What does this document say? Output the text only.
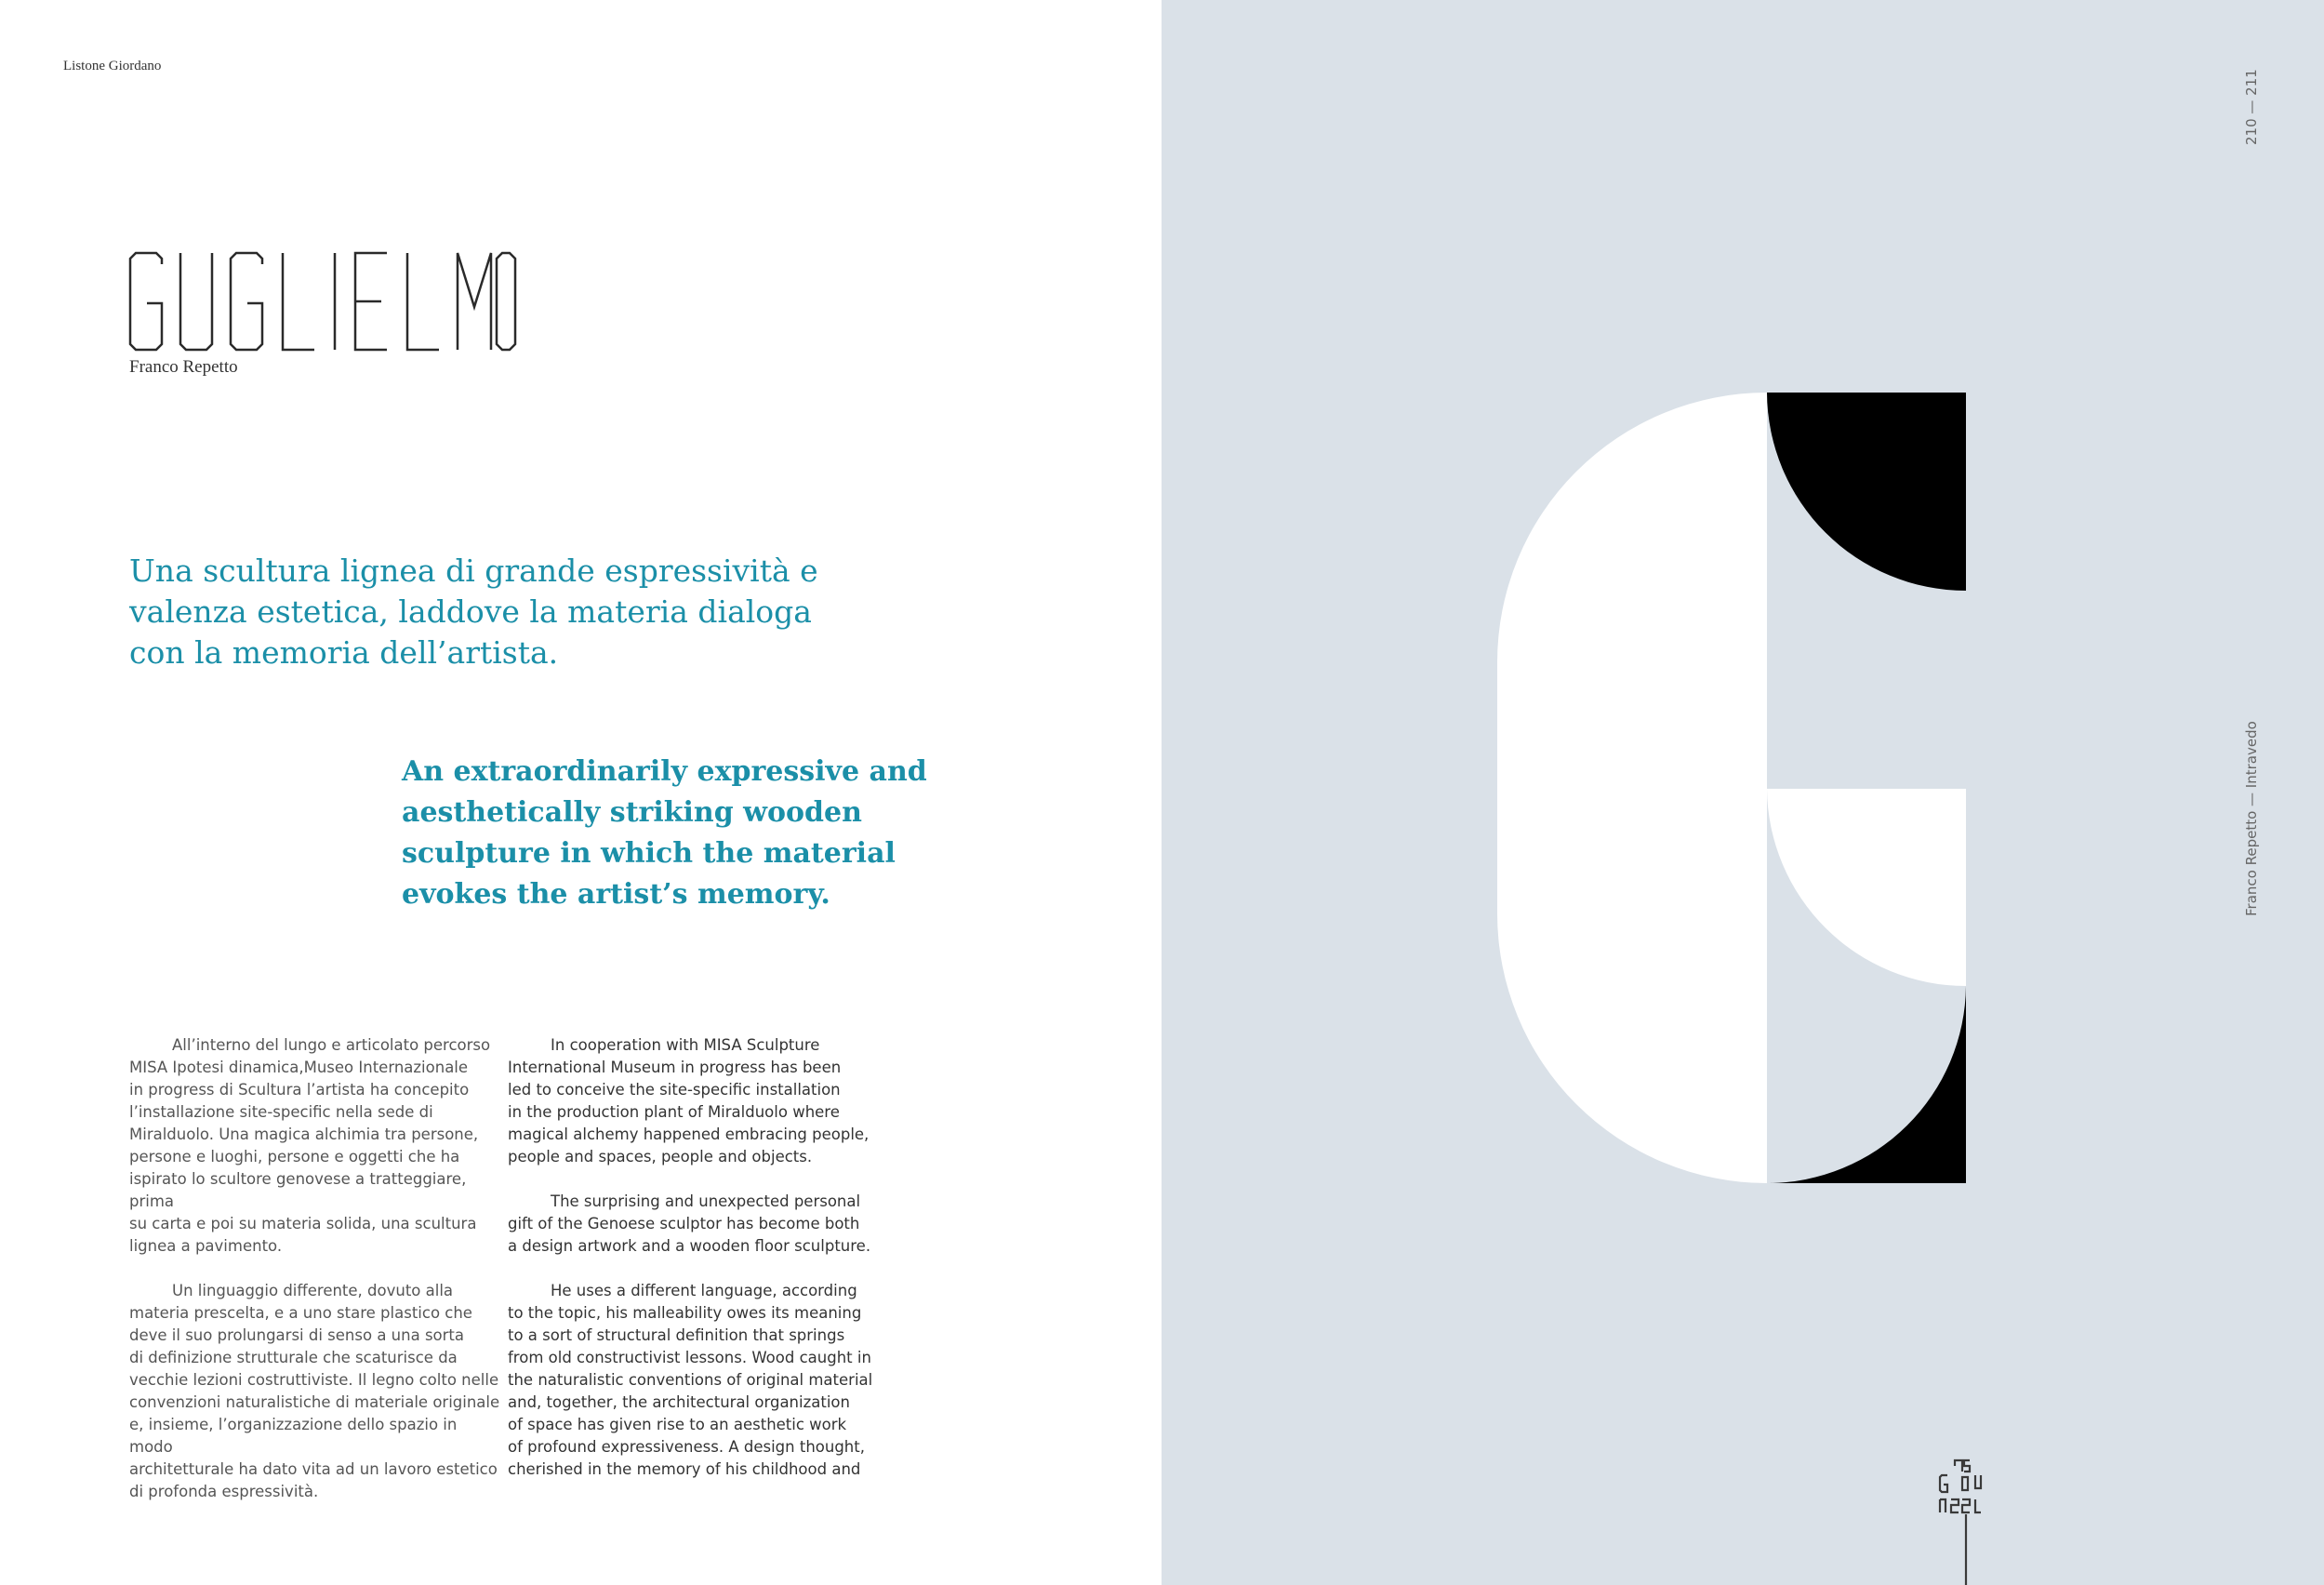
Listone Giordano
Franco Repetto
Una scultura lignea di grande espressività e valenza estetica, laddove la materia dialoga con la memoria dell’artista.
An extraordinarily expressive and aesthetically striking wooden sculpture in which the material evokes the artist’s memory.

All’interno del lungo e articolato percorso
MISA Ipotesi dinamica,Museo Internazionale
in progress di Scultura l’artista ha concepito
l’installazione site-specific nella sede di
Miralduolo. Una magica alchimia tra persone,
persone e luoghi, persone e oggetti che ha
ispirato lo scultore genovese a tratteggiare, prima
su carta e poi su materia solida, una scultura
lignea a pavimento.

Un linguaggio differente, dovuto alla
materia prescelta, e a uno stare plastico che
deve il suo prolungarsi di senso a una sorta
di definizione strutturale che scaturisce da
vecchie lezioni costruttiviste. Il legno colto nelle
convenzioni naturalistiche di materiale originale
e, insieme, l’organizzazione dello spazio in modo
architetturale ha dato vita ad un lavoro estetico
di profonda espressività.

In cooperation with MISA Sculpture
International Museum in progress has been
led to conceive the site-specific installation
in the production plant of Miralduolo where
magical alchemy happened embracing people,
people and spaces, people and objects.

The surprising and unexpected personal
gift of the Genoese sculptor has become both
a design artwork and a wooden floor sculpture.

He uses a different language, according
to the topic, his malleability owes its meaning
to a sort of structural definition that springs
from old constructivist lessons. Wood caught in
the naturalistic conventions of original material
and, together, the architectural organization
of space has given rise to an aesthetic work
of profound expressiveness. A design thought,
cherished in the memory of his childhood and

210 — 211
Franco Repetto — Intravedo
